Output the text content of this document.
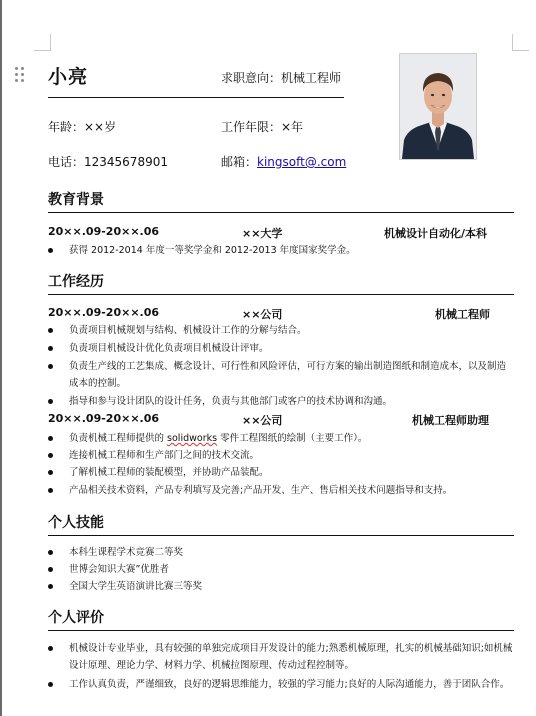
小亮	求职意向：机械工程师
年龄：××岁	工作年限：×年
电话：12345678901	邮箱：kingsoft@.com
教育背景
20××.09-20××.06	××大学	机械设计自动化/本科
获得 2012-2014 年度一等奖学金和 2012-2013 年度国家奖学金。
工作经历
20××.09-20××.06	××公司	机械工程师
负责项目机械规划与结构、机械设计工作的分解与结合。
负责项目机械设计优化负责项目机械设计评审。
负责生产线的工艺集成、概念设计、可行性和风险评估，可行方案的输出制造图纸和制造成本，以及制造成本的控制。
指导和参与设计团队的设计任务，负责与其他部门或客户的技术协调和沟通。
20××.09-20××.06	××公司	机械工程师助理
负责机械工程师提供的 solidworks 零件工程图纸的绘制（主要工作）。
连接机械工程师和生产部门之间的技术交流。
了解机械工程师的装配模型，并协助产品装配。
产品相关技术资料，产品专利填写及完善;产品开发、生产、售后相关技术问题指导和支持。
个人技能
本科生课程学术竞赛二等奖
世博会知识大赛”优胜者
全国大学生英语演讲比赛三等奖
个人评价
机械设计专业毕业，具有较强的单独完成项目开发设计的能力;熟悉机械原理，扎实的机械基础知识;如机械设计原理、理论力学、材料力学、机械拉图原理、传动过程控制等。
工作认真负责，严谨细致，良好的逻辑思维能力，较强的学习能力;良好的人际沟通能力，善于团队合作。
